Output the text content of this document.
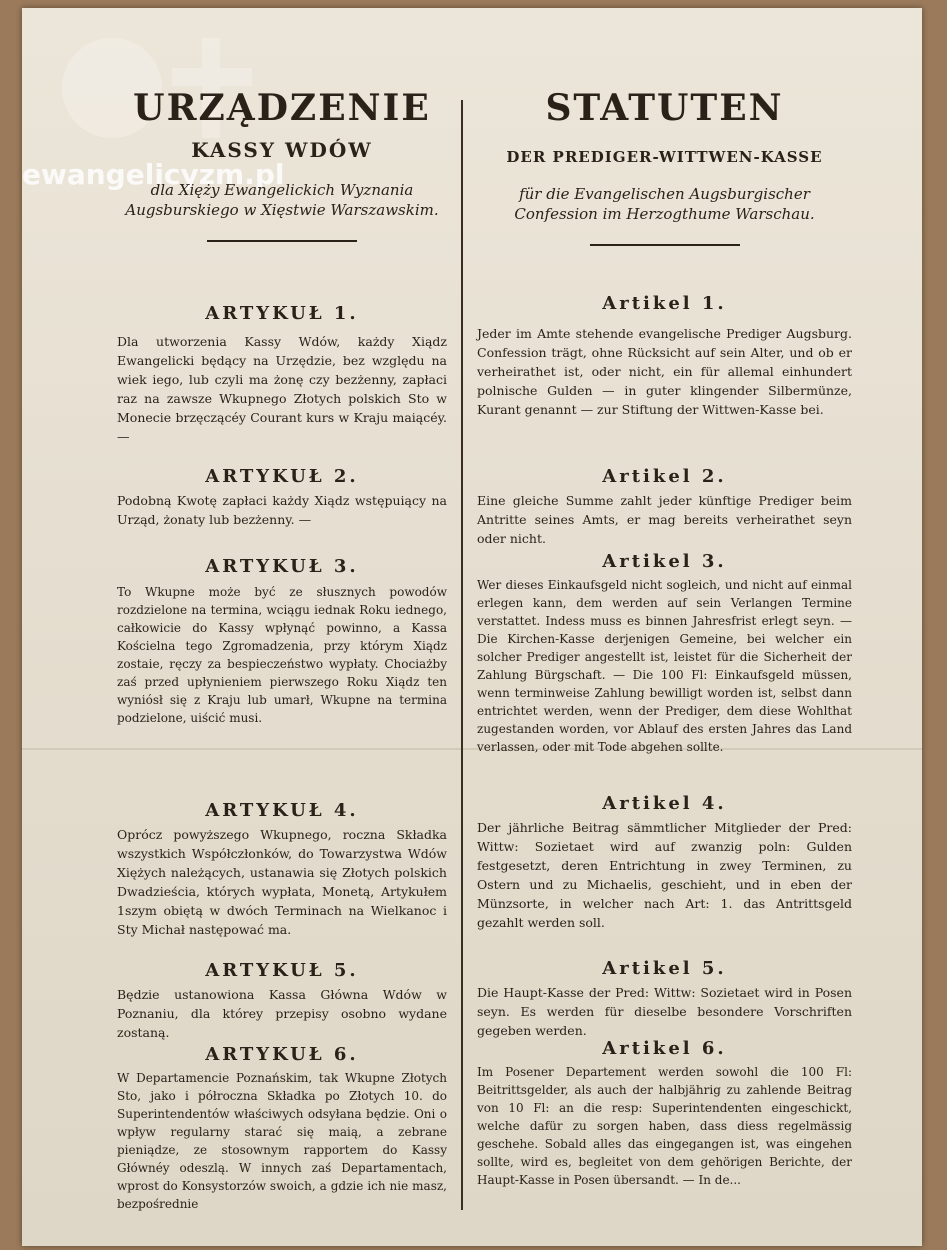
ewangelicyzm.pl
URZĄDZENIE
KASSY WDÓW
dla Xięży Ewangelickich Wyznania Augsburskiego w Xięstwie Warszawskim.
ARTYKUŁ 1.

Dla utworzenia Kassy Wdów, każdy Xiądz Ewangelicki będący na Urzędzie, bez względu na wiek iego, lub czyli ma żonę czy bezżenny, zapłaci raz na zawsze Wkupnego Złotych polskich Sto w Monecie brzęczącéy Courant kurs w Kraju maiącéy. —

ARTYKUŁ 2.

Podobną Kwotę zapłaci każdy Xiądz wstępuiący na Urząd, żonaty lub bezżenny. —

ARTYKUŁ 3.

To Wkupne może być ze słusznych powodów rozdzielone na termina, wciągu iednak Roku iednego, całkowicie do Kassy wpłynąć powinno, a Kassa Kościelna tego Zgromadzenia, przy którym Xiądz zostaie, ręczy za bespieczeństwo wypłaty. Chociażby zaś przed upłynieniem pierwszego Roku Xiądz ten wyniósł się z Kraju lub umarł, Wkupne na termina podzielone, uiścić musi.

ARTYKUŁ 4.

Oprócz powyższego Wkupnego, roczna Składka wszystkich Współczłonków, do Towarzystwa Wdów Xiężych należących, ustanawia się Złotych polskich Dwadzieścia, których wypłata, Monetą, Artykułem 1szym obiętą w dwóch Terminach na Wielkanoc i Sty Michał następować ma.

ARTYKUŁ 5.

Będzie ustanowiona Kassa Główna Wdów w Poznaniu, dla którey przepisy osobno wydane zostaną.

ARTYKUŁ 6.

W Departamencie Poznańskim, tak Wkupne Złotych Sto, jako i półroczna Składka po Złotych 10. do Superintendentów właściwych odsyłana będzie. Oni o wpływ regularny starać się maią, a zebrane pieniądze, ze stosownym rapportem do Kassy Głównéy odeszlą. W innych zaś Departamentach, wprost do Konsystorzów swoich, a gdzie ich nie masz, bezpośrednie

STATUTEN
DER PREDIGER-WITTWEN-KASSE
für die Evangelischen Augsburgischer Confession im Herzogthume Warschau.
Artikel 1.

Jeder im Amte stehende evangelische Prediger Augsburg. Confession trägt, ohne Rücksicht auf sein Alter, und ob er verheirathet ist, oder nicht, ein für allemal einhundert polnische Gulden — in guter klingender Silbermünze, Kurant genannt — zur Stiftung der Wittwen-Kasse bei.

Artikel 2.

Eine gleiche Summe zahlt jeder künftige Prediger beim Antritte seines Amts, er mag bereits verheirathet seyn oder nicht.

Artikel 3.

Wer dieses Einkaufsgeld nicht sogleich, und nicht auf einmal erlegen kann, dem werden auf sein Verlangen Termine verstattet. Indess muss es binnen Jahresfrist erlegt seyn. — Die Kirchen-Kasse derjenigen Gemeine, bei welcher ein solcher Prediger angestellt ist, leistet für die Sicherheit der Zahlung Bürgschaft. — Die 100 Fl: Einkaufsgeld müssen, wenn terminweise Zahlung bewilligt worden ist, selbst dann entrichtet werden, wenn der Prediger, dem diese Wohlthat zugestanden worden, vor Ablauf des ersten Jahres das Land verlassen, oder mit Tode abgehen sollte.

Artikel 4.

Der jährliche Beitrag sämmtlicher Mitglieder der Pred: Wittw: Sozietaet wird auf zwanzig poln: Gulden festgesetzt, deren Entrichtung in zwey Terminen, zu Ostern und zu Michaelis, geschieht, und in eben der Münzsorte, in welcher nach Art: 1. das Antrittsgeld gezahlt werden soll.

Artikel 5.

Die Haupt-Kasse der Pred: Wittw: Sozietaet wird in Posen seyn. Es werden für dieselbe besondere Vorschriften gegeben werden.

Artikel 6.

Im Posener Departement werden sowohl die 100 Fl: Beitrittsgelder, als auch der halbjährig zu zahlende Beitrag von 10 Fl: an die resp: Superintendenten eingeschickt, welche dafür zu sorgen haben, dass diess regelmässig geschehe. Sobald alles das eingegangen ist, was eingehen sollte, wird es, begleitet von dem gehörigen Berichte, der Haupt-Kasse in Posen übersandt. — In de...
